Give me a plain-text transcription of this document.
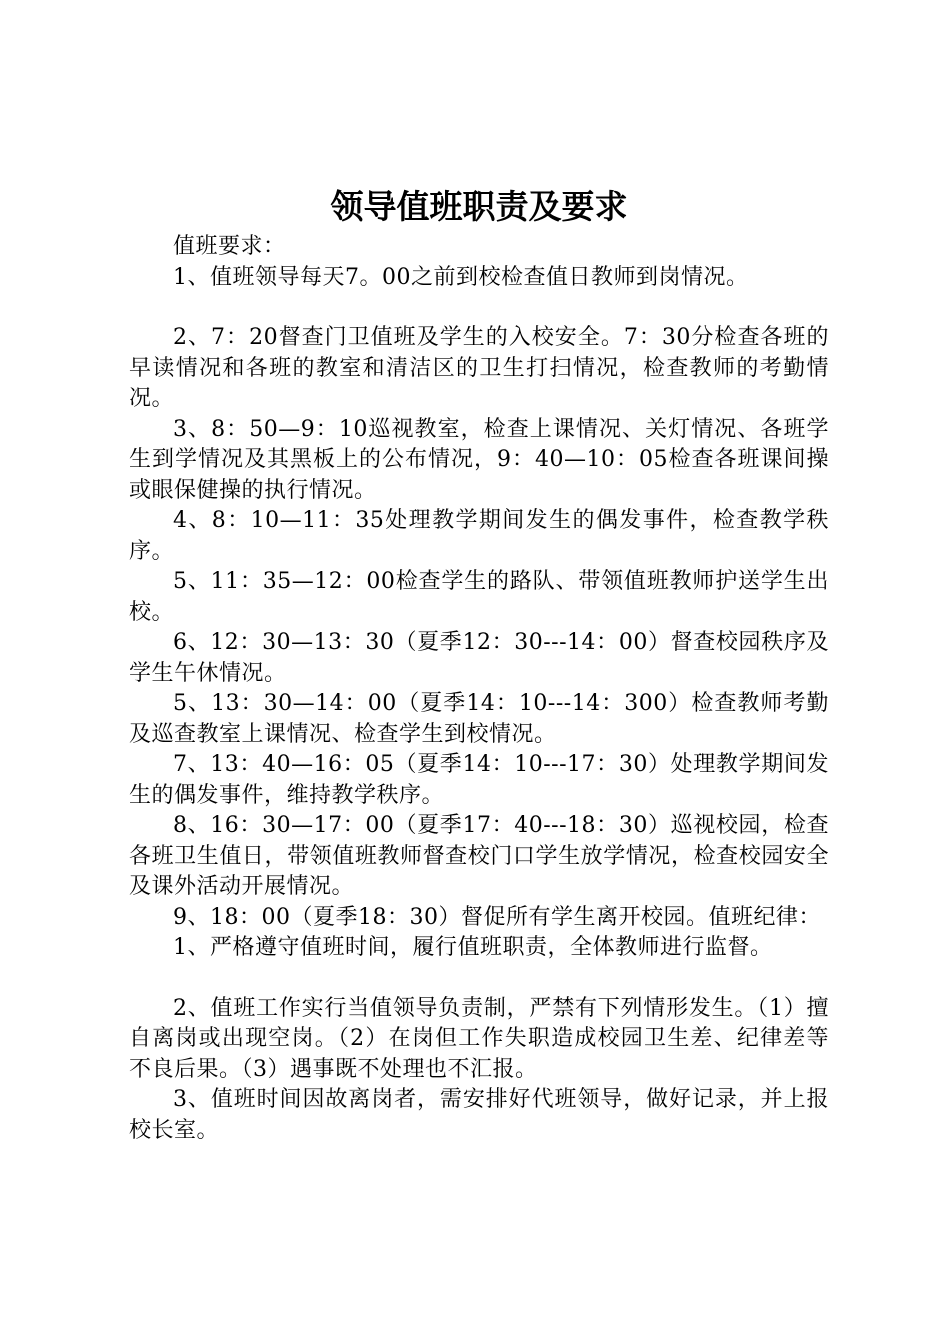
领导值班职责及要求

值班要求：

1、值班领导每天7。00之前到校检查值日教师到岗情况。

2、7：20督查门卫值班及学生的入校安全。7：30分检查各班的早读情况和各班的教室和清洁区的卫生打扫情况，检查教师的考勤情况。

3、8：50—9：10巡视教室，检查上课情况、关灯情况、各班学生到学情况及其黑板上的公布情况，9：40—10：05检查各班课间操或眼保健操的执行情况。

4、8：10—11：35处理教学期间发生的偶发事件，检查教学秩序。

5、11：35—12：00检查学生的路队、带领值班教师护送学生出校。

6、12：30—13：30（夏季12：30---14：00）督查校园秩序及学生午休情况。

5、13：30—14：00（夏季14：10---14：300）检查教师考勤及巡查教室上课情况、检查学生到校情况。

7、13：40—16：05（夏季14：10---17：30）处理教学期间发生的偶发事件，维持教学秩序。

8、16：30—17：00（夏季17：40---18：30）巡视校园，检查各班卫生值日，带领值班教师督查校门口学生放学情况，检查校园安全及课外活动开展情况。

9、18：00（夏季18：30）督促所有学生离开校园。值班纪律：

1、严格遵守值班时间，履行值班职责，全体教师进行监督。

2、值班工作实行当值领导负责制，严禁有下列情形发生。（1）擅自离岗或出现空岗。（2）在岗但工作失职造成校园卫生差、纪律差等不良后果。（3）遇事既不处理也不汇报。

3、值班时间因故离岗者，需安排好代班领导，做好记录，并上报校长室。
